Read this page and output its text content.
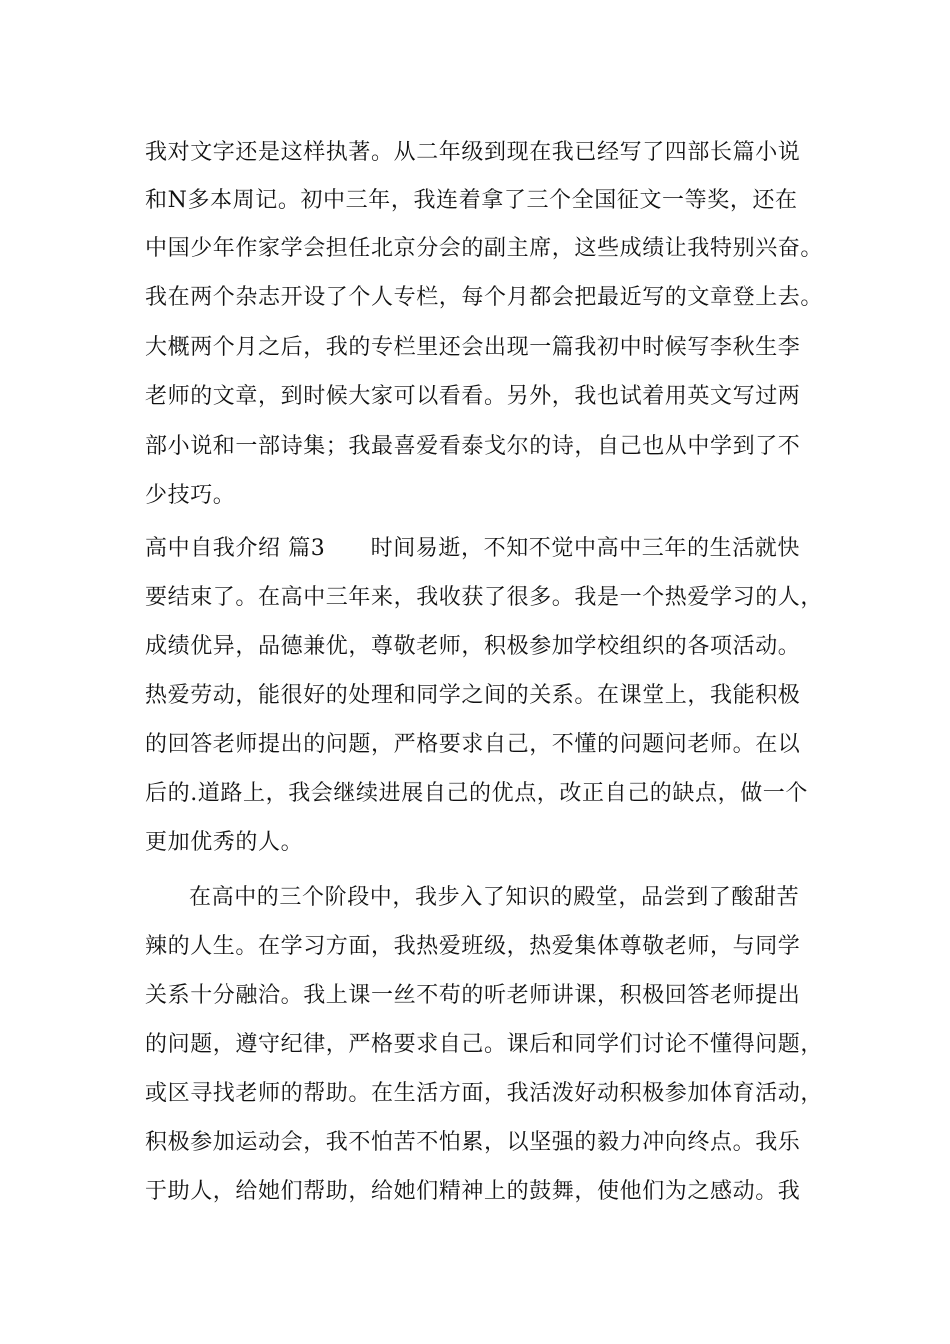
我对文字还是这样执著。从二年级到现在我已经写了四部长篇小说
和N多本周记。初中三年，我连着拿了三个全国征文一等奖，还在
中国少年作家学会担任北京分会的副主席，这些成绩让我特别兴奋。
我在两个杂志开设了个人专栏，每个月都会把最近写的文章登上去。
大概两个月之后，我的专栏里还会出现一篇我初中时候写李秋生李
老师的文章，到时候大家可以看看。另外，我也试着用英文写过两
部小说和一部诗集；我最喜爱看泰戈尔的诗，自己也从中学到了不
少技巧。
高中自我介绍 篇3　　时间易逝，不知不觉中高中三年的生活就快
要结束了。在高中三年来，我收获了很多。我是一个热爱学习的人，
成绩优异，品德兼优，尊敬老师，积极参加学校组织的各项活动。
热爱劳动，能很好的处理和同学之间的关系。在课堂上，我能积极
的回答老师提出的问题，严格要求自己，不懂的问题问老师。在以
后的.道路上，我会继续进展自己的优点，改正自己的缺点，做一个
更加优秀的人。
在高中的三个阶段中，我步入了知识的殿堂，品尝到了酸甜苦
辣的人生。在学习方面，我热爱班级，热爱集体尊敬老师，与同学
关系十分融洽。我上课一丝不苟的听老师讲课，积极回答老师提出
的问题，遵守纪律，严格要求自己。课后和同学们讨论不懂得问题，
或区寻找老师的帮助。在生活方面，我活泼好动积极参加体育活动，
积极参加运动会，我不怕苦不怕累，以坚强的毅力冲向终点。我乐
于助人，给她们帮助，给她们精神上的鼓舞，使他们为之感动。我
